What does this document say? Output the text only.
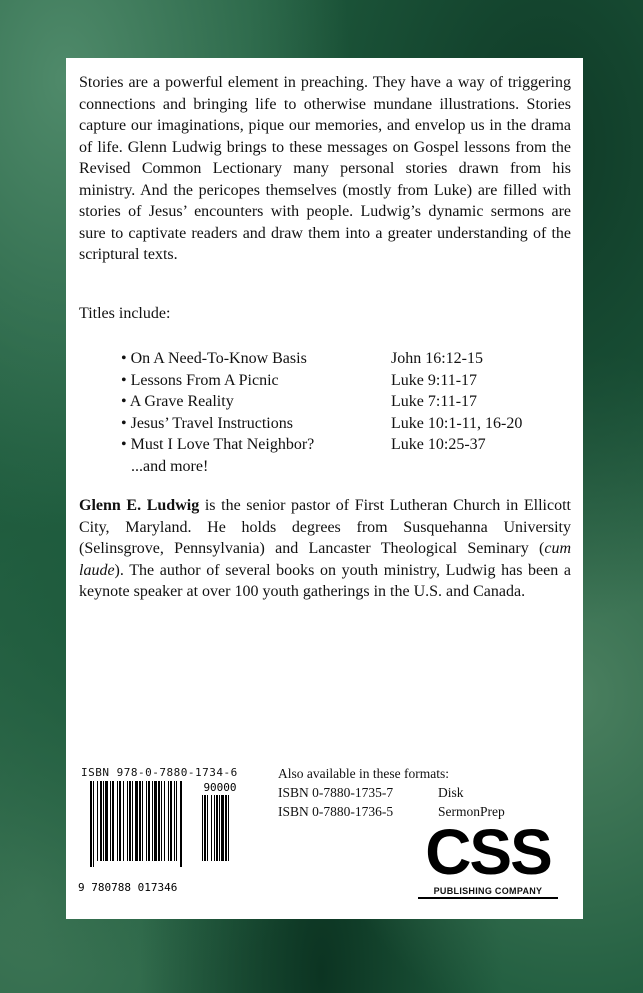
Stories are a powerful element in preaching. They have a way of triggering connections and bringing life to otherwise mundane illustrations. Stories capture our imaginations, pique our memories, and envelop us in the drama of life. Glenn Ludwig brings to these messages on Gospel lessons from the Revised Common Lectionary many personal stories drawn from his ministry. And the pericopes themselves (mostly from Luke) are filled with stories of Jesus’ encounters with people. Ludwig’s dynamic sermons are sure to captivate readers and draw them into a greater understanding of the scriptural texts.

Titles include:

• On A Need-To-Know Basis	John 16:12-15
• Lessons From A Picnic	Luke 9:11-17
• A Grave Reality	Luke 7:11-17
• Jesus’ Travel Instructions	Luke 10:1-11, 16-20
• Must I Love That Neighbor?	Luke 10:25-37
...and more!

Glenn E. Ludwig is the senior pastor of First Lutheran Church in Ellicott City, Maryland. He holds degrees from Susquehanna University (Selinsgrove, Pennsylvania) and Lancaster Theological Seminary (cum laude). The author of several books on youth ministry, Ludwig has been a keynote speaker at over 100 youth gatherings in the U.S. and Canada.

ISBN 978-0-7880-1734-6
90000
9 780788 017346
Also available in these formats:
ISBN 0-7880-1735-7	Disk
ISBN 0-7880-1736-5	SermonPrep
CSS
PUBLISHING COMPANY
